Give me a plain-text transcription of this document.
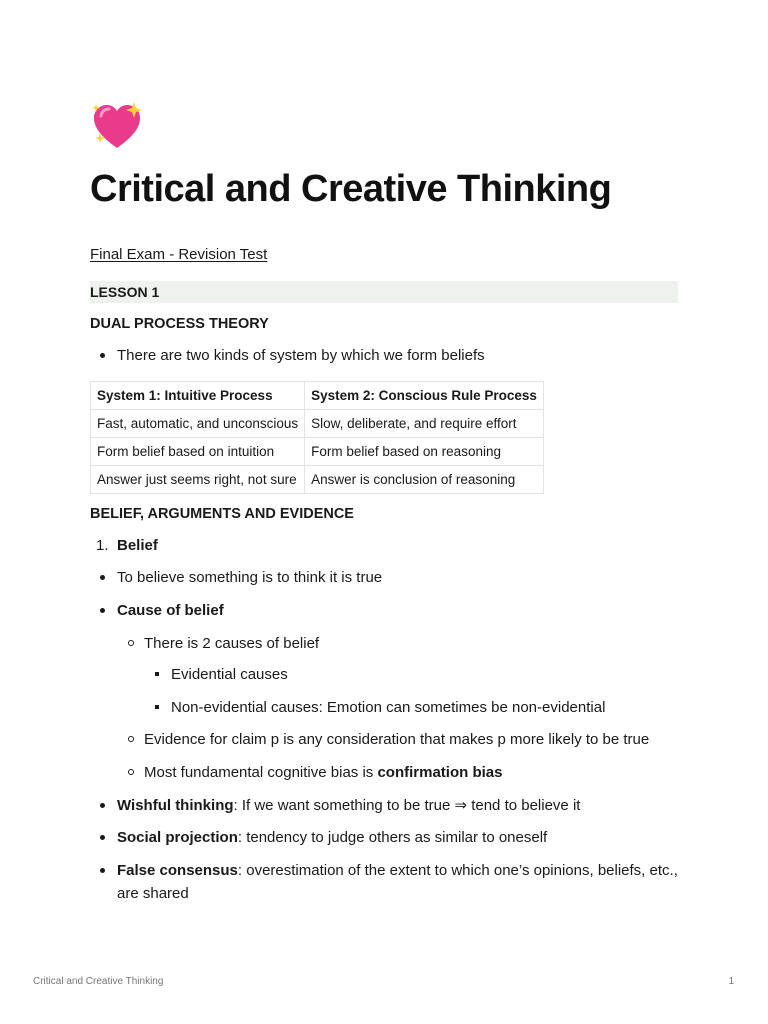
Critical and Creative Thinking
Final Exam - Revision Test
LESSON 1
DUAL PROCESS THEORY
There are two kinds of system by which we form beliefs
System 1: Intuitive Process	System 2: Conscious Rule Process
Fast, automatic, and unconscious	Slow, deliberate, and require effort
Form belief based on intuition	Form belief based on reasoning
Answer just seems right, not sure	Answer is conclusion of reasoning
BELIEF, ARGUMENTS AND EVIDENCE
1. Belief
To believe something is to think it is true
Cause of belief
There is 2 causes of belief
Evidential causes
Non-evidential causes: Emotion can sometimes be non-evidential
Evidence for claim p is any consideration that makes p more likely to be true
Most fundamental cognitive bias is confirmation bias
Wishful thinking: If we want something to be true ⇒ tend to believe it
Social projection: tendency to judge others as similar to oneself
False consensus: overestimation of the extent to which one’s opinions, beliefs, etc., are shared
Critical and Creative Thinking	1
